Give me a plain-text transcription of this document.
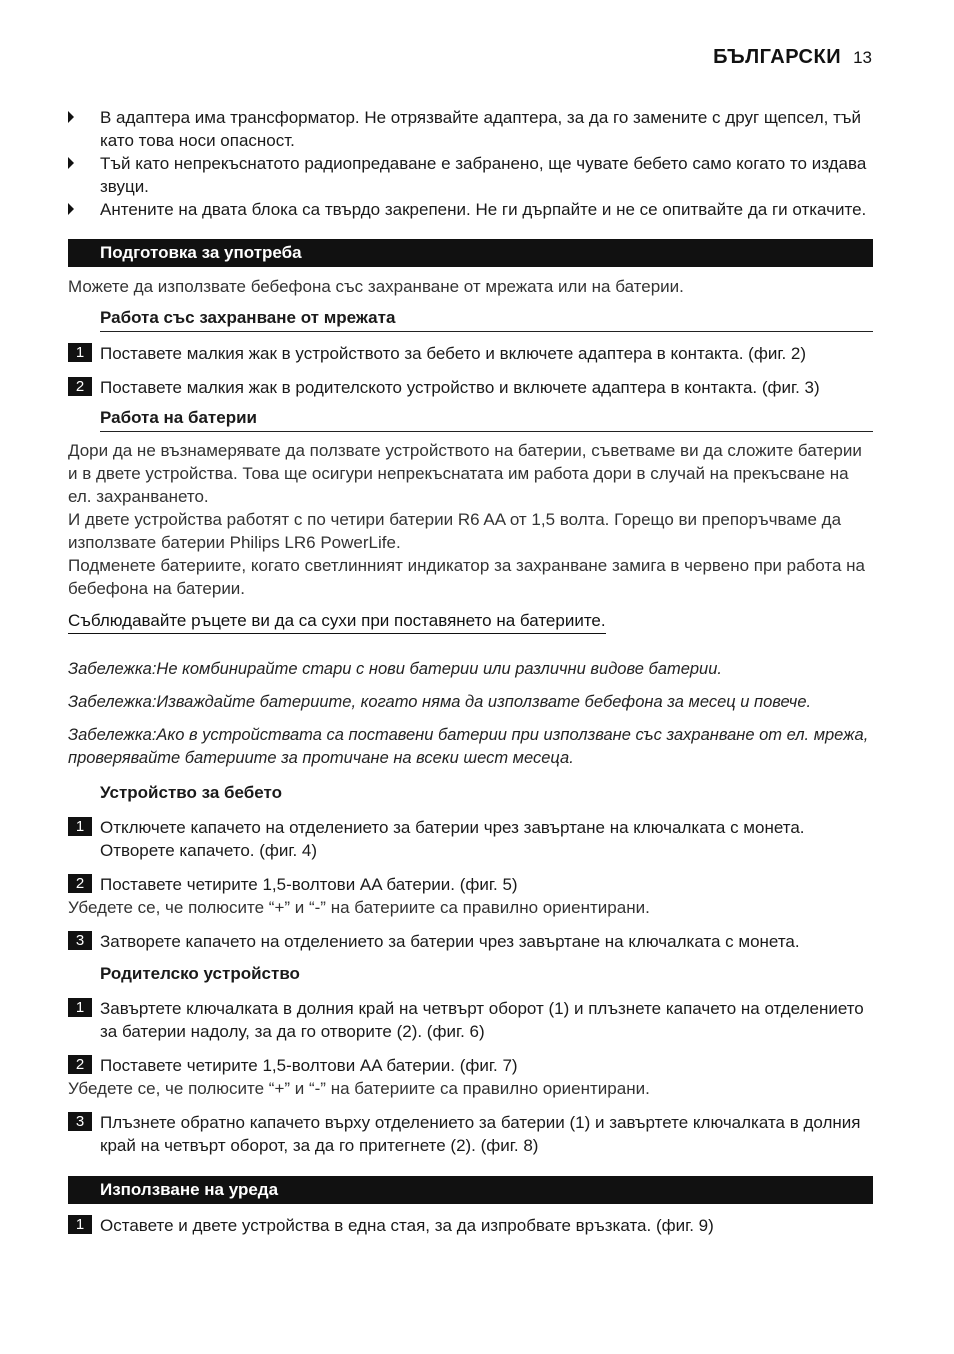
БЪЛГАРСКИ 13
В адаптера има трансформатор. Не отрязвайте адаптера, за да го замените с друг щепсел, тъй като това носи опасност.
Тъй като непрекъснатото радиопредаване е забранено, ще чувате бебето само когато то издава звуци.
Антените на двата блока са твърдо закрепени. Не ги дърпайте и не се опитвайте да ги откачите.
Подготовка за употреба
Можете да използвате бебефона със захранване от мрежата или на батерии.
Работа със захранване от мрежата
1 Поставете малкия жак в устройството за бебето и включете адаптера в контакта. (фиг. 2)
2 Поставете малкия жак в родителското устройство и включете адаптера в контакта. (фиг. 3)
Работа на батерии
Дори да не възнамерявате да ползвате устройството на батерии, съветваме ви да сложите батерии и в двете устройства. Това ще осигури непрекъснатата им работа дори в случай на прекъсване на ел. захранването.
И двете устройства работят с по четири батерии R6 AA от 1,5 волта. Горещо ви препоръчваме да използвате батерии Philips LR6 PowerLife.
Подменете батериите, когато светлинният индикатор за захранване замига в червено при работа на бебефона на батерии.
Съблюдавайте ръцете ви да са сухи при поставянето на батериите.
Забележка:Не комбинирайте стари с нови батерии или различни видове батерии.
Забележка:Изваждайте батериите, когато няма да използвате бебефона за месец и повече.
Забележка:Ако в устройствата са поставени батерии при използване със захранване от ел. мрежа, проверявайте батериите за протичане на всеки шест месеца.
Устройство за бебето
1 Отключете капачето на отделението за батерии чрез завъртане на ключалката с монета. Отворете капачето. (фиг. 4)
2 Поставете четирите 1,5-волтови AA батерии. (фиг. 5)
Убедете се, че полюсите “+” и “-” на батериите са правилно ориентирани.
3 Затворете капачето на отделението за батерии чрез завъртане на ключалката с монета.
Родителско устройство
1 Завъртете ключалката в долния край на четвърт оборот (1) и плъзнете капачето на отделението за батерии надолу, за да го отворите (2). (фиг. 6)
2 Поставете четирите 1,5-волтови AA батерии. (фиг. 7)
Убедете се, че полюсите “+” и “-” на батериите са правилно ориентирани.
3 Плъзнете обратно капачето върху отделението за батерии (1) и завъртете ключалката в долния край на четвърт оборот, за да го притегнете (2). (фиг. 8)
Използване на уреда
1 Оставете и двете устройства в една стая, за да изпробвате връзката. (фиг. 9)
